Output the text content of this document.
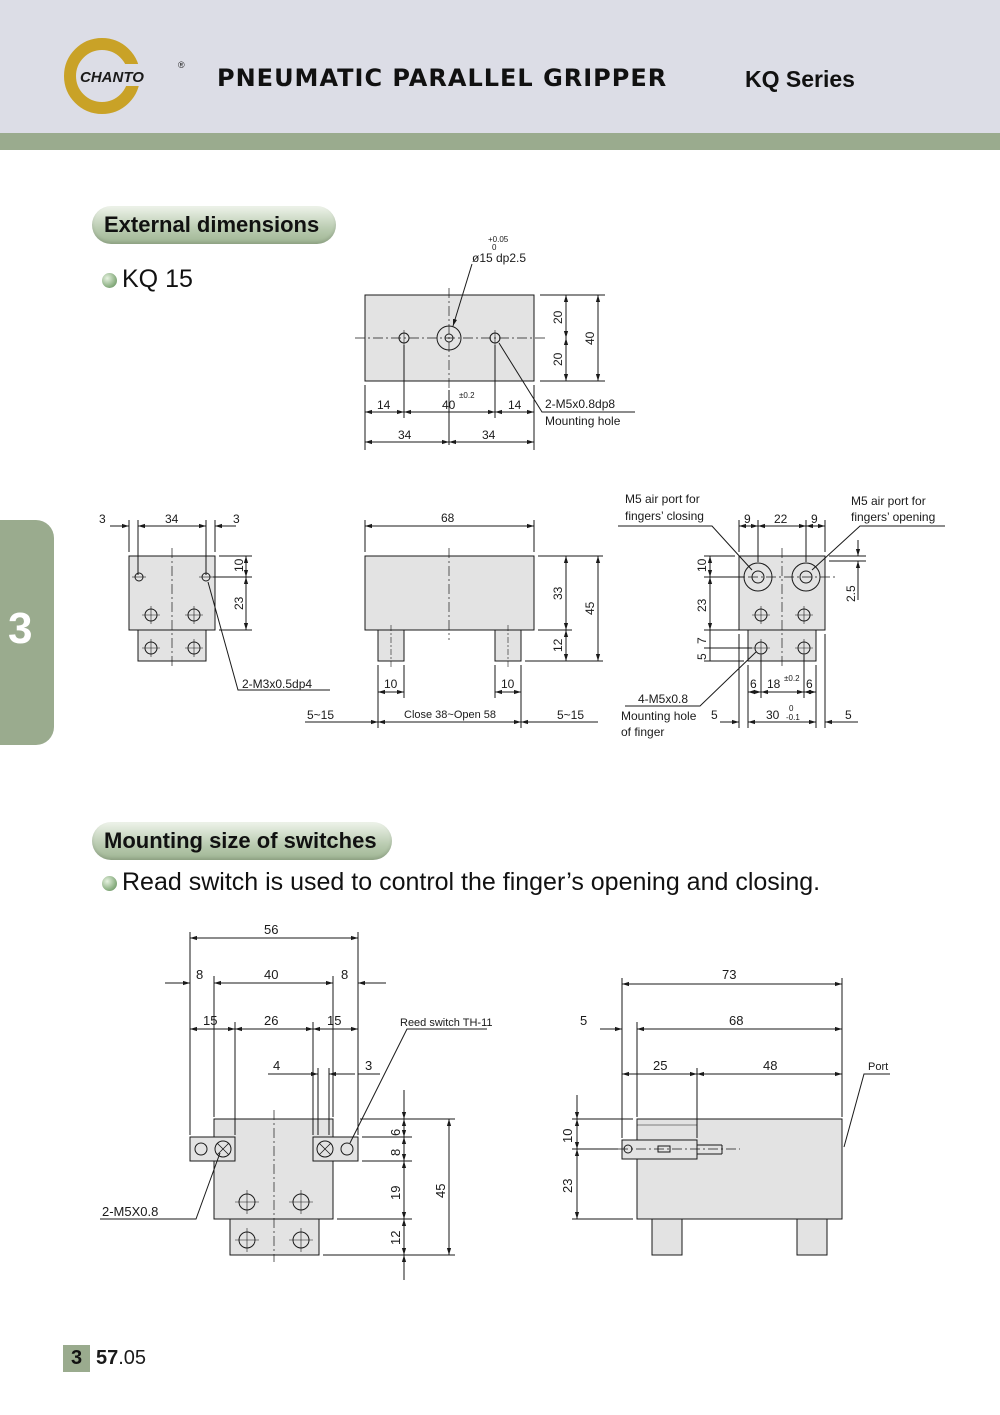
CHANTO
® PNEUMATIC PARALLEL GRIPPER	KQ Series
3
External dimensions
KQ 15
Mounting size of switches
Read switch is used to control the finger’s opening and closing.
+0.05
0
ø15 dp2.5
20
20
40
14	40
±0.2
14
34	34
2-M5x0.8dp8
Mounting hole
3	34	3
10
23
2-M3x0.5dp4
68
33
12
45
10	10
5~15	Close 38~Open 58	5~15
M5 air port for
fingers’ closing
M5 air port for
fingers’ opening
9 22 9
10
23
7
5
2.5
6 18 ±0.2 6
5	30 0
-0.1	5
4-M5x0.8
Mounting hole
of finger
56
8	40	8
15	26	15
4	3
Reed switch TH-11
6
8
19
12
45
2-M5X0.8
73
5	68
25	48	Port
10
23
3 57.05
